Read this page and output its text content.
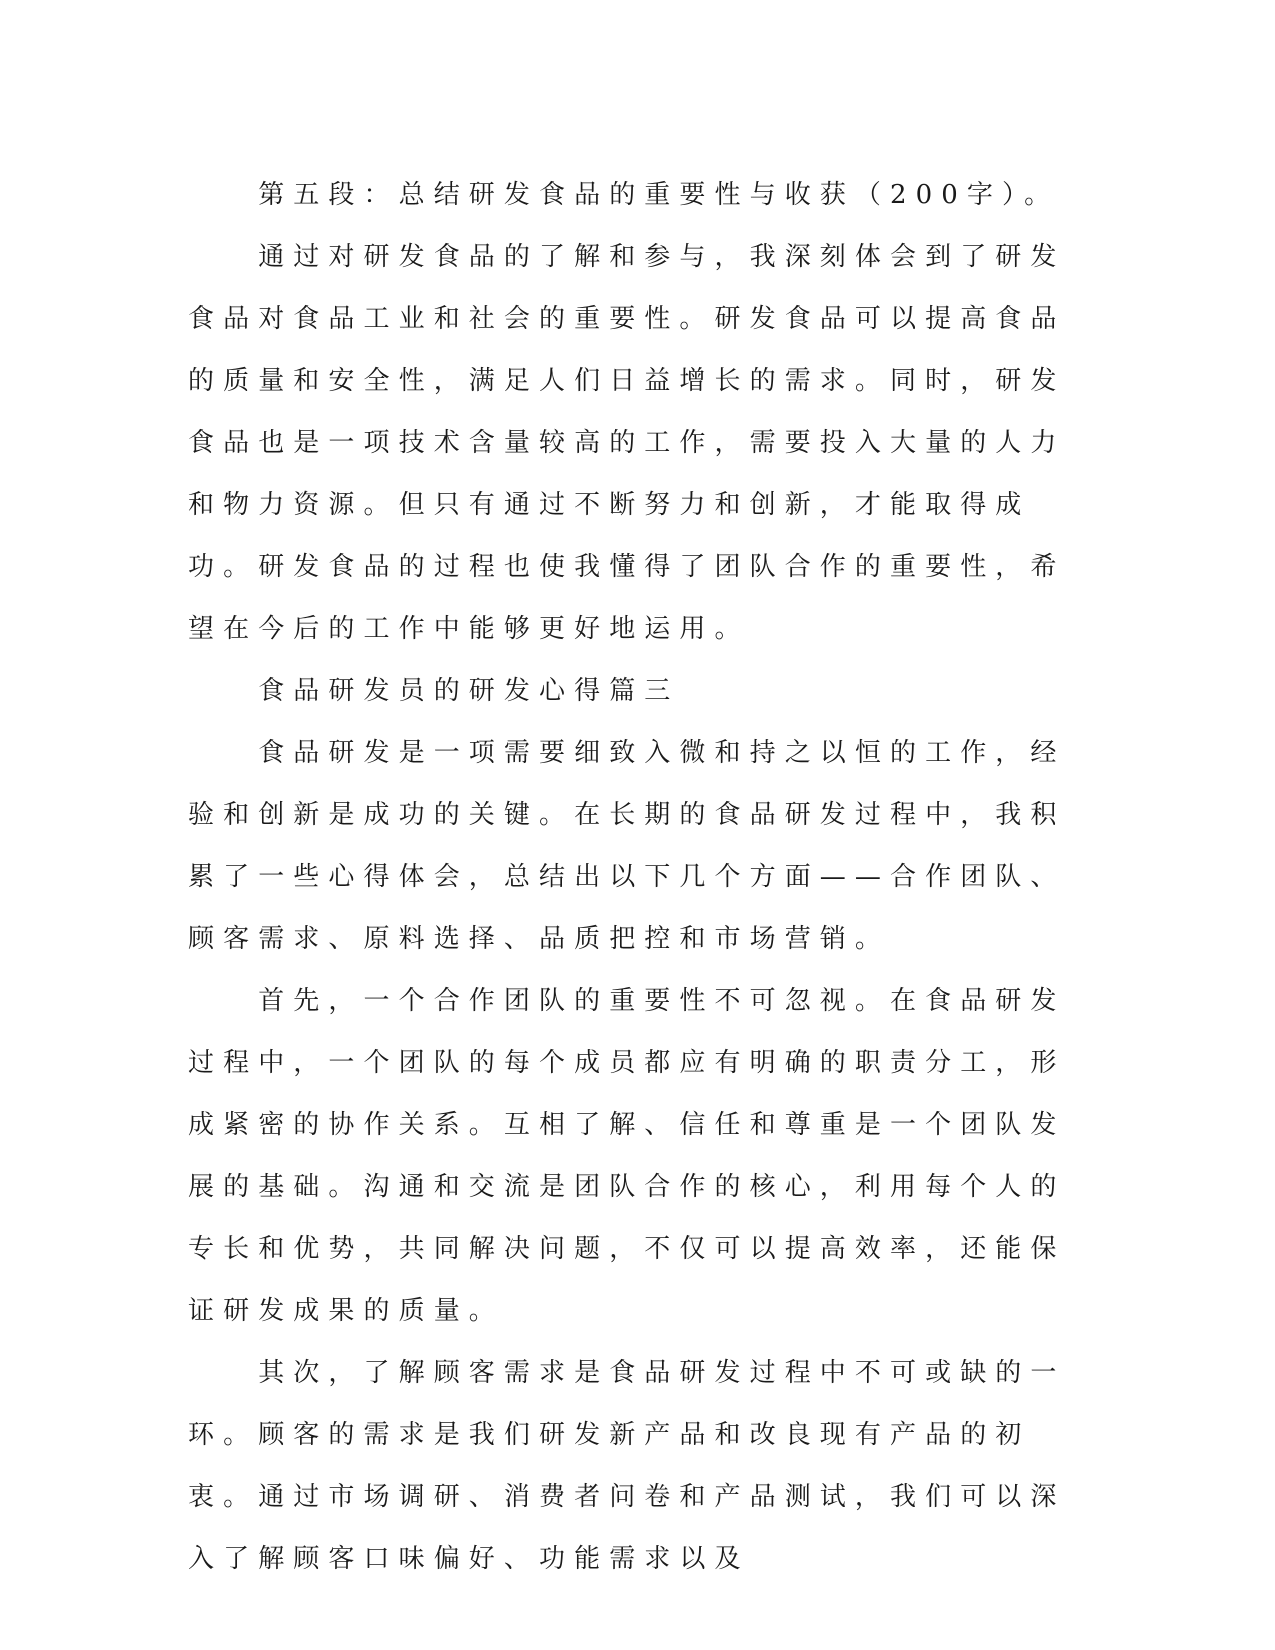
第五段：总结研发食品的重要性与收获（200字）。

通过对研发食品的了解和参与，我深刻体会到了研发食品对食品工业和社会的重要性。研发食品可以提高食品的质量和安全性，满足人们日益增长的需求。同时，研发食品也是一项技术含量较高的工作，需要投入大量的人力和物力资源。但只有通过不断努力和创新，才能取得成功。研发食品的过程也使我懂得了团队合作的重要性，希望在今后的工作中能够更好地运用。

食品研发员的研发心得篇三

食品研发是一项需要细致入微和持之以恒的工作，经验和创新是成功的关键。在长期的食品研发过程中，我积累了一些心得体会，总结出以下几个方面——合作团队、顾客需求、原料选择、品质把控和市场营销。

首先，一个合作团队的重要性不可忽视。在食品研发过程中，一个团队的每个成员都应有明确的职责分工，形成紧密的协作关系。互相了解、信任和尊重是一个团队发展的基础。沟通和交流是团队合作的核心，利用每个人的专长和优势，共同解决问题，不仅可以提高效率，还能保证研发成果的质量。

其次，了解顾客需求是食品研发过程中不可或缺的一环。顾客的需求是我们研发新产品和改良现有产品的初衷。通过市场调研、消费者问卷和产品测试，我们可以深入了解顾客口味偏好、功能需求以及
